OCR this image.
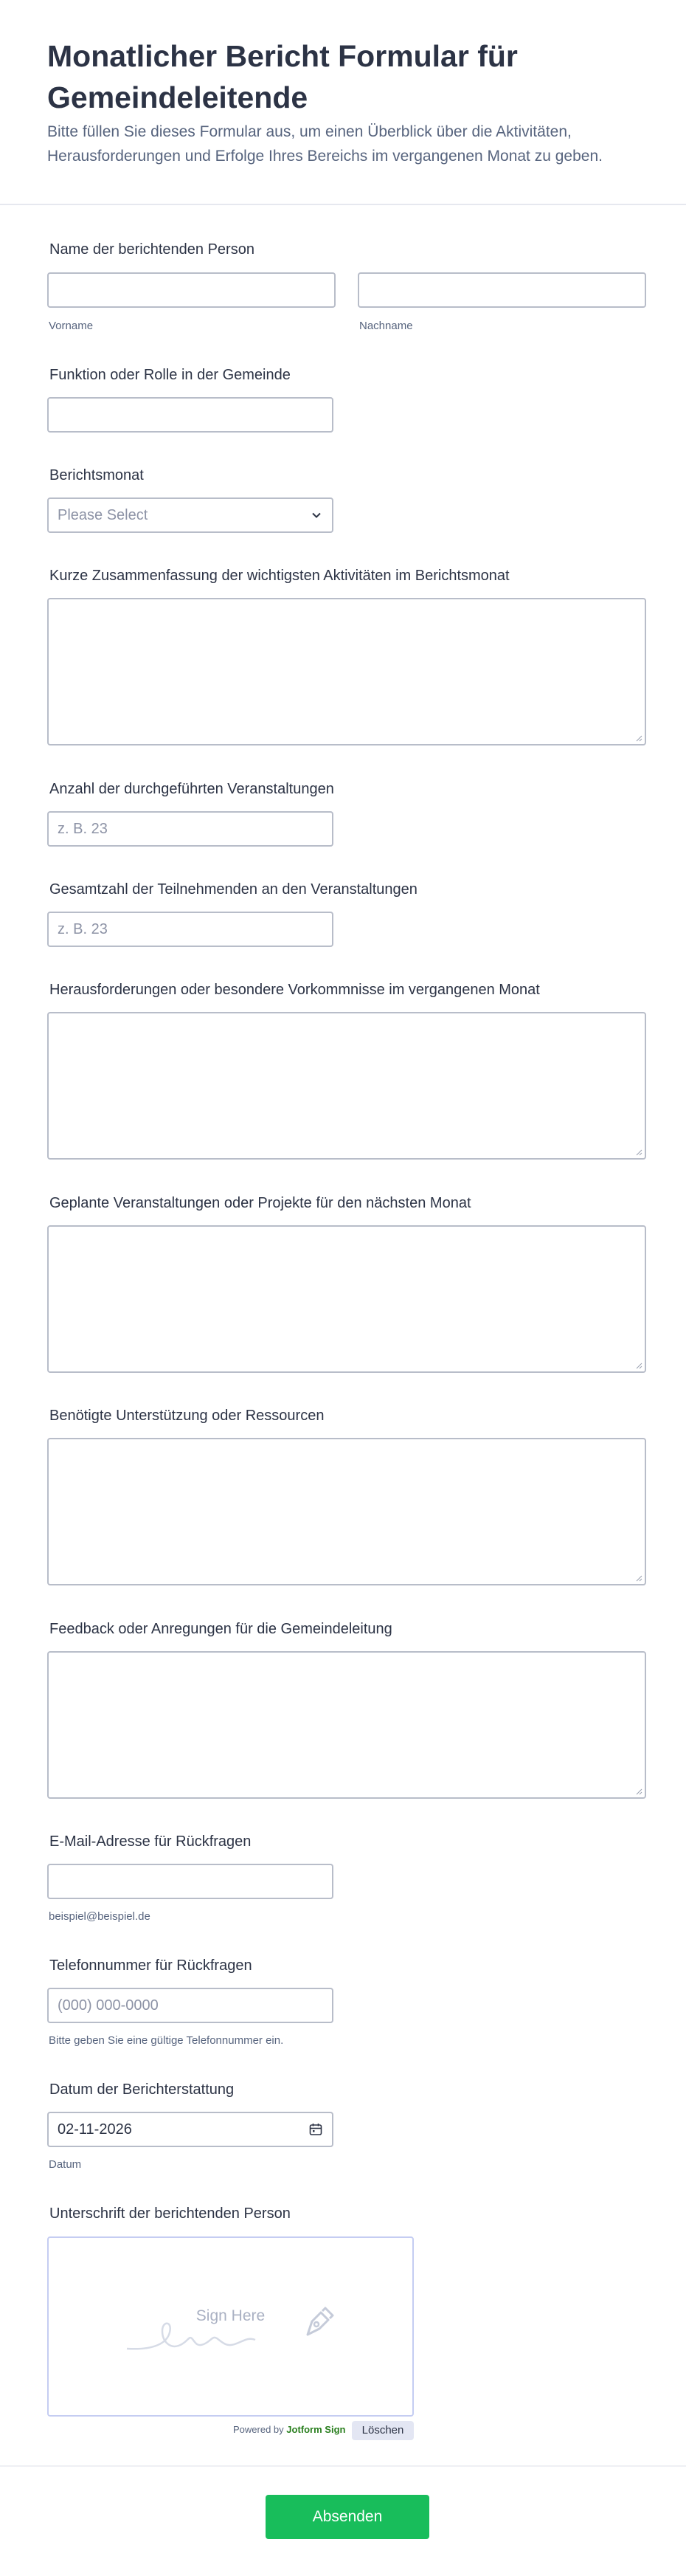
Monatlicher Bericht Formular für Gemeindeleitende

Bitte füllen Sie dieses Formular aus, um einen Überblick über die Aktivitäten, Herausforderungen und Erfolge Ihres Bereichs im vergangenen Monat zu geben.

Name der berichtenden Person
Vorname	Nachname
Funktion oder Rolle in der Gemeinde
Berichtsmonat
Please Select
Kurze Zusammenfassung der wichtigsten Aktivitäten im Berichtsmonat
Anzahl der durchgeführten Veranstaltungen
z. B. 23
Gesamtzahl der Teilnehmenden an den Veranstaltungen
z. B. 23
Herausforderungen oder besondere Vorkommnisse im vergangenen Monat
Geplante Veranstaltungen oder Projekte für den nächsten Monat
Benötigte Unterstützung oder Ressourcen
Feedback oder Anregungen für die Gemeindeleitung
E-Mail-Adresse für Rückfragen
beispiel@beispiel.de
Telefonnummer für Rückfragen
(000) 000-0000
Bitte geben Sie eine gültige Telefonnummer ein.
Datum der Berichterstattung
02-11-2026
Datum
Unterschrift der berichtenden Person
Sign Here
Powered by Jotform Sign	Löschen
Absenden
